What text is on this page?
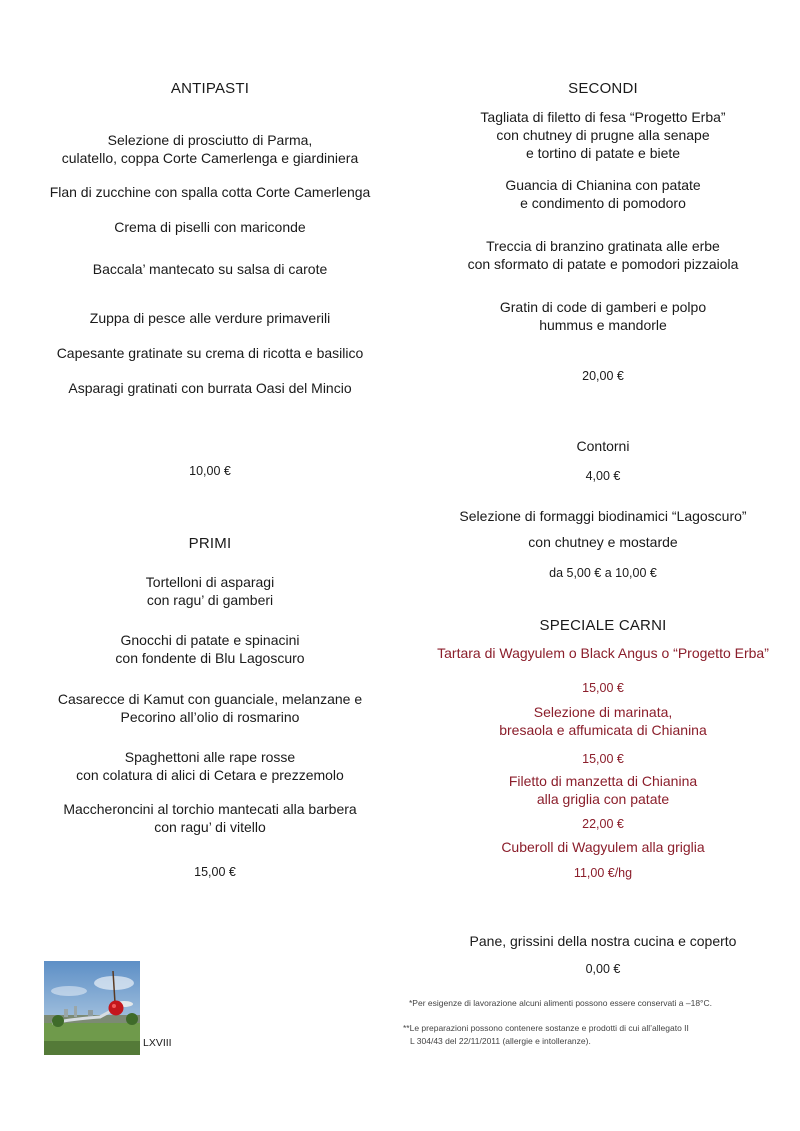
ANTIPASTI
Selezione di prosciutto di Parma,
culatello, coppa Corte Camerlenga e giardiniera
Flan di zucchine con spalla cotta Corte Camerlenga
Crema di piselli con mariconde
Baccala’ mantecato su salsa di carote
Zuppa di pesce alle verdure primaverili
Capesante gratinate su crema di ricotta e basilico
Asparagi gratinati con burrata Oasi del Mincio
10,00 €
PRIMI
Tortelloni di asparagi
con ragu’ di gamberi
Gnocchi di patate e spinacini
con fondente di Blu Lagoscuro
Casarecce di Kamut con guanciale, melanzane e
Pecorino all’olio di rosmarino
Spaghettoni alle rape rosse
con colatura di alici di Cetara e prezzemolo
Maccheroncini al torchio mantecati alla barbera
con ragu’ di vitello
15,00 €
SECONDI
Tagliata di filetto di fesa “Progetto Erba”
con chutney di prugne alla senape
e tortino di patate e biete
Guancia di Chianina con patate
e condimento di pomodoro
Treccia di branzino gratinata alle erbe
con sformato di patate e pomodori pizzaiola
Gratin di code di gamberi e polpo
hummus e mandorle
20,00 €
Contorni
4,00 €
Selezione di formaggi biodinamici “Lagoscuro”
con chutney e mostarde
da 5,00 € a 10,00 €
SPECIALE CARNI
Tartara di Wagyulem o Black Angus o “Progetto Erba”
15,00 €
Selezione di marinata,
bresaola e affumicata di Chianina
15,00 €
Filetto di manzetta di Chianina
alla griglia con patate
22,00 €
Cuberoll di Wagyulem alla griglia
11,00 €/hg
Pane, grissini della nostra cucina e coperto
0,00 €
*Per esigenze di lavorazione alcuni alimenti possono essere conservati a –18°C.
**Le preparazioni possono contenere sostanze e prodotti di cui all’allegato II
L 304/43 del 22/11/2011 (allergie e intolleranze).
LXVIII
